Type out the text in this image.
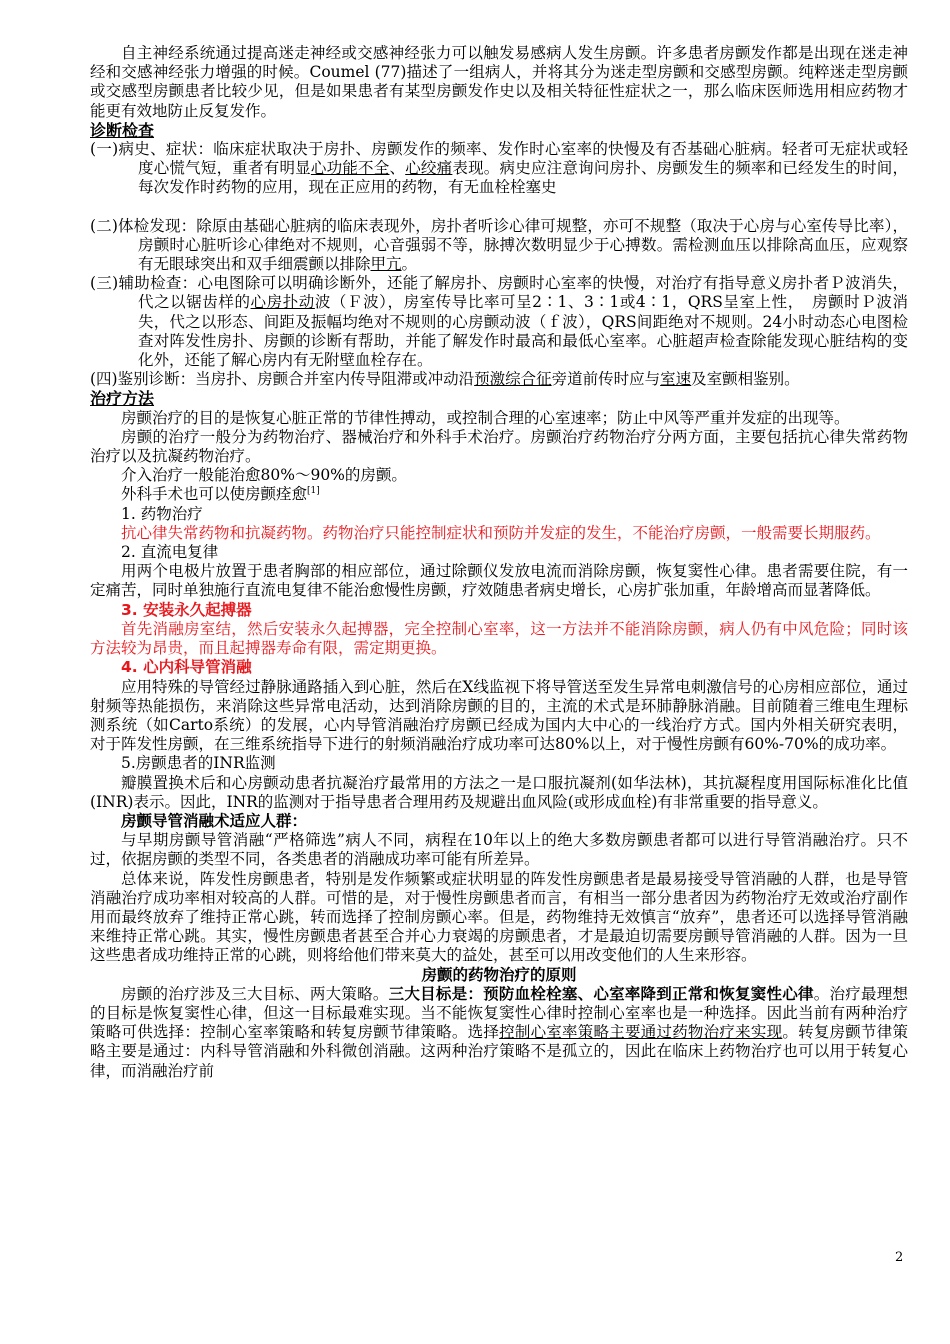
自主神经系统通过提高迷走神经或交感神经张力可以触发易感病人发生房颤。许多患者房颤发作都是出现在迷走神经和交感神经张力增强的时候。Coumel (77)描述了一组病人，并将其分为迷走型房颤和交感型房颤。纯粹迷走型房颤或交感型房颤患者比较少见，但是如果患者有某型房颤发作史以及相关特征性症状之一，那么临床医师选用相应药物才能更有效地防止反复发作。

诊断检查

(一)病史、症状：临床症状取决于房扑、房颤发作的频率、发作时心室率的快慢及有否基础心脏病。轻者可无症状或轻度心慌气短，重者有明显心功能不全、心绞痛表现。病史应注意询问房扑、房颤发生的频率和已经发生的时间，每次发作时药物的应用，现在正应用的药物，有无血栓栓塞史

(二)体检发现：除原由基础心脏病的临床表现外，房扑者听诊心律可规整，亦可不规整（取决于心房与心室传导比率），房颤时心脏听诊心律绝对不规则，心音强弱不等，脉搏次数明显少于心搏数。需检测血压以排除高血压，应观察有无眼球突出和双手细震颤以排除甲亢。

(三)辅助检查：心电图除可以明确诊断外，还能了解房扑、房颤时心室率的快慢，对治疗有指导意义房扑者Ｐ波消失，代之以锯齿样的心房扑动波（Ｆ波），房室传导比率可呈2∶1、3∶1或4∶1，QRS呈室上性，　房颤时Ｐ波消失，代之以形态、间距及振幅均绝对不规则的心房颤动波（ｆ波），QRS间距绝对不规则。24小时动态心电图检查对阵发性房扑、房颤的诊断有帮助，并能了解发作时最高和最低心室率。心脏超声检查除能发现心脏结构的变化外，还能了解心房内有无附壁血栓存在。

(四)鉴别诊断：当房扑、房颤合并室内传导阻滞或冲动沿预激综合征旁道前传时应与室速及室颤相鉴别。

治疗方法

房颤治疗的目的是恢复心脏正常的节律性搏动，或控制合理的心室速率；防止中风等严重并发症的出现等。

房颤的治疗一般分为药物治疗、器械治疗和外科手术治疗。房颤治疗药物治疗分两方面，主要包括抗心律失常药物治疗以及抗凝药物治疗。

介入治疗一般能治愈80%～90%的房颤。

外科手术也可以使房颤痊愈[1]

1. 药物治疗

抗心律失常药物和抗凝药物。药物治疗只能控制症状和预防并发症的发生，不能治疗房颤，一般需要长期服药。

2. 直流电复律

用两个电极片放置于患者胸部的相应部位，通过除颤仪发放电流而消除房颤，恢复窦性心律。患者需要住院，有一定痛苦，同时单独施行直流电复律不能治愈慢性房颤，疗效随患者病史增长，心房扩张加重，年龄增高而显著降低。

3. 安装永久起搏器

首先消融房室结，然后安装永久起搏器，完全控制心室率，这一方法并不能消除房颤，病人仍有中风危险；同时该方法较为昂贵，而且起搏器寿命有限，需定期更换。

4. 心内科导管消融

应用特殊的导管经过静脉通路插入到心脏，然后在X线监视下将导管送至发生异常电刺激信号的心房相应部位，通过射频等热能损伤，来消除这些异常电活动，达到消除房颤的目的，主流的术式是环肺静脉消融。目前随着三维电生理标测系统（如Carto系统）的发展，心内导管消融治疗房颤已经成为国内大中心的一线治疗方式。国内外相关研究表明，对于阵发性房颤，在三维系统指导下进行的射频消融治疗成功率可达80%以上，对于慢性房颤有60%-70%的成功率。

5.房颤患者的INR监测

瓣膜置换术后和心房颤动患者抗凝治疗最常用的方法之一是口服抗凝剂(如华法林)，其抗凝程度用国际标准化比值(INR)表示。因此，INR的监测对于指导患者合理用药及规避出血风险(或形成血栓)有非常重要的指导意义。

房颤导管消融术适应人群：

与早期房颤导管消融“严格筛选”病人不同，病程在10年以上的绝大多数房颤患者都可以进行导管消融治疗。只不过，依据房颤的类型不同，各类患者的消融成功率可能有所差异。

总体来说，阵发性房颤患者，特别是发作频繁或症状明显的阵发性房颤患者是最易接受导管消融的人群，也是导管消融治疗成功率相对较高的人群。可惜的是，对于慢性房颤患者而言，有相当一部分患者因为药物治疗无效或治疗副作用而最终放弃了维持正常心跳，转而选择了控制房颤心率。但是，药物维持无效慎言“放弃”，患者还可以选择导管消融来维持正常心跳。其实，慢性房颤患者甚至合并心力衰竭的房颤患者，才是最迫切需要房颤导管消融的人群。因为一旦这些患者成功维持正常的心跳，则将给他们带来莫大的益处，甚至可以用改变他们的人生来形容。

房颤的药物治疗的原则

房颤的治疗涉及三大目标、两大策略。三大目标是：预防血栓栓塞、心室率降到正常和恢复窦性心律。治疗最理想的目标是恢复窦性心律，但这一目标最难实现。当不能恢复窦性心律时控制心室率也是一种选择。因此当前有两种治疗策略可供选择：控制心室率策略和转复房颤节律策略。选择控制心室率策略主要通过药物治疗来实现。转复房颤节律策略主要是通过：内科导管消融和外科微创消融。这两种治疗策略不是孤立的，因此在临床上药物治疗也可以用于转复心律，而消融治疗前

2
